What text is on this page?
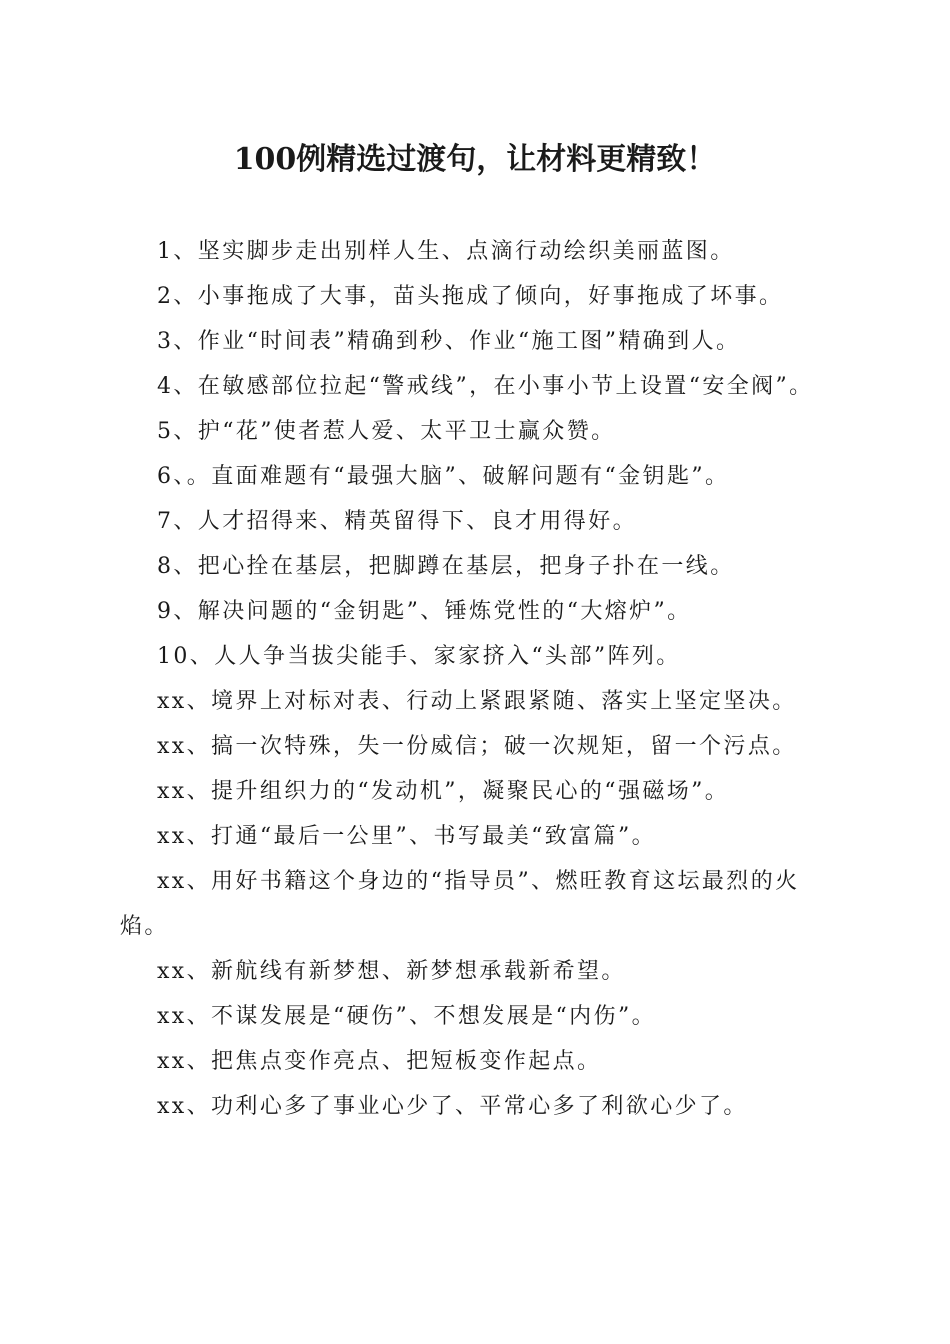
100例精选过渡句，让材料更精致！

1、坚实脚步走出别样人生、点滴行动绘织美丽蓝图。

2、小事拖成了大事，苗头拖成了倾向，好事拖成了坏事。

3、作业“时间表”精确到秒、作业“施工图”精确到人。

4、在敏感部位拉起“警戒线”，在小事小节上设置“安全阀”。

5、护“花”使者惹人爱、太平卫士赢众赞。

6、。直面难题有“最强大脑”、破解问题有“金钥匙”。

7、人才招得来、精英留得下、良才用得好。

8、把心拴在基层，把脚蹲在基层，把身子扑在一线。

9、解决问题的“金钥匙”、锤炼党性的“大熔炉”。

10、人人争当拔尖能手、家家挤入“头部”阵列。

xx、境界上对标对表、行动上紧跟紧随、落实上坚定坚决。

xx、搞一次特殊，失一份威信；破一次规矩，留一个污点。

xx、提升组织力的“发动机”，凝聚民心的“强磁场”。

xx、打通“最后一公里”、书写最美“致富篇”。

xx、用好书籍这个身边的“指导员”、燃旺教育这坛最烈的火焰。

xx、新航线有新梦想、新梦想承载新希望。

xx、不谋发展是“硬伤”、不想发展是“内伤”。

xx、把焦点变作亮点、把短板变作起点。

xx、功利心多了事业心少了、平常心多了利欲心少了。
